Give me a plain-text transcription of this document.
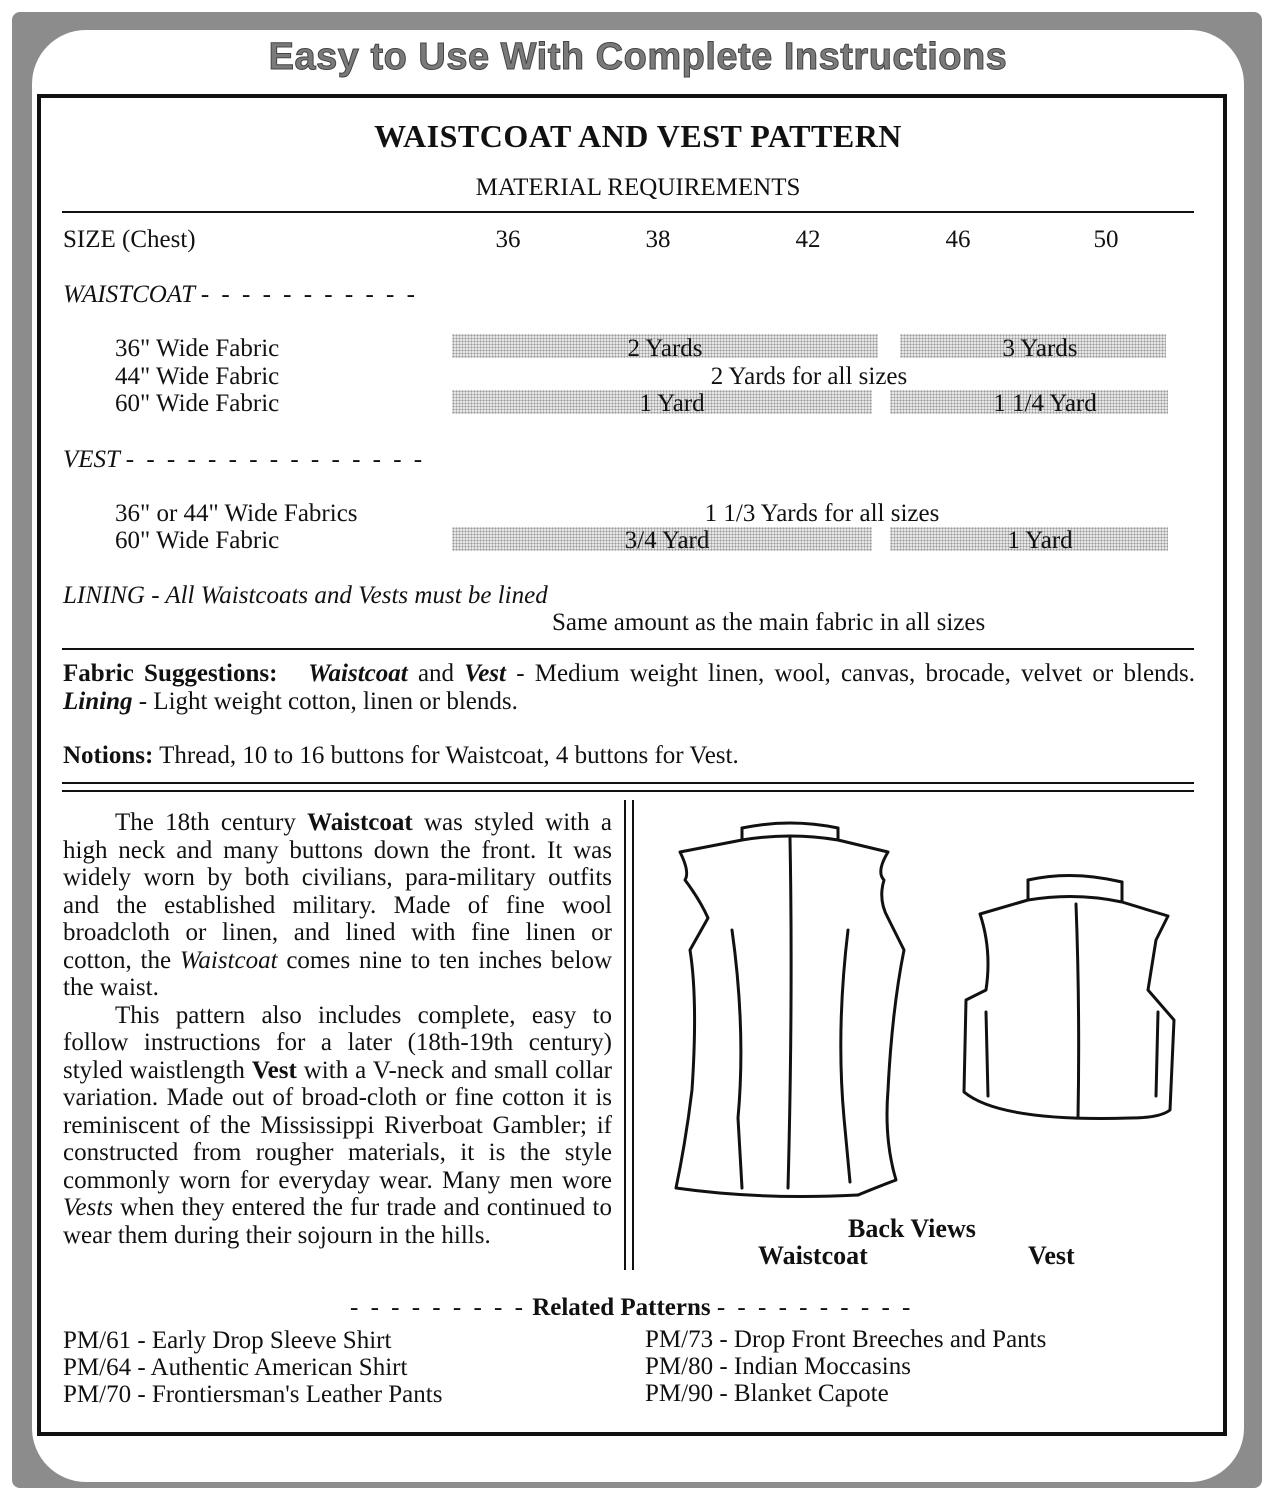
Easy to Use With Complete Instructions
WAISTCOAT AND VEST PATTERN
MATERIAL REQUIREMENTS
SIZE (Chest)	36	38	42	46	50
WAISTCOAT - - - - - - - - - - -
36" Wide Fabric	2 Yards	3 Yards
44" Wide Fabric	2 Yards for all sizes
60" Wide Fabric	1 Yard	1 1/4 Yard
VEST - - - - - - - - - - - - - - -
36" or 44" Wide Fabrics	1 1/3 Yards for all sizes
60" Wide Fabric	3/4 Yard	1 Yard
LINING - All Waistcoats and Vests must be lined
Same amount as the main fabric in all sizes
Fabric Suggestions: Waistcoat and Vest - Medium weight linen, wool, canvas, brocade, velvet or blends. Lining - Light weight cotton, linen or blends.
Notions: Thread, 10 to 16 buttons for Waistcoat, 4 buttons for Vest.

The 18th century Waistcoat was styled with a high neck and many buttons down the front. It was widely worn by both civilians, para-military outfits and the established military. Made of fine wool broadcloth or linen, and lined with fine linen or cotton, the Waistcoat comes nine to ten inches below the waist.

This pattern also includes complete, easy to follow instructions for a later (18th-19th century) styled waistlength Vest with a V-neck and small collar variation. Made out of broad-cloth or fine cotton it is reminiscent of the Mississippi Riverboat Gambler; if constructed from rougher materials, it is the style commonly worn for everyday wear. Many men wore Vests when they entered the fur trade and continued to wear them during their sojourn in the hills.	Back Views
Waistcoat	Vest
- - - - - - - - - Related Patterns - - - - - - - - - -
PM/61 - Early Drop Sleeve Shirt
PM/64 - Authentic American Shirt
PM/70 - Frontiersman's Leather Pants
PM/73 - Drop Front Breeches and Pants
PM/80 - Indian Moccasins
PM/90 - Blanket Capote
